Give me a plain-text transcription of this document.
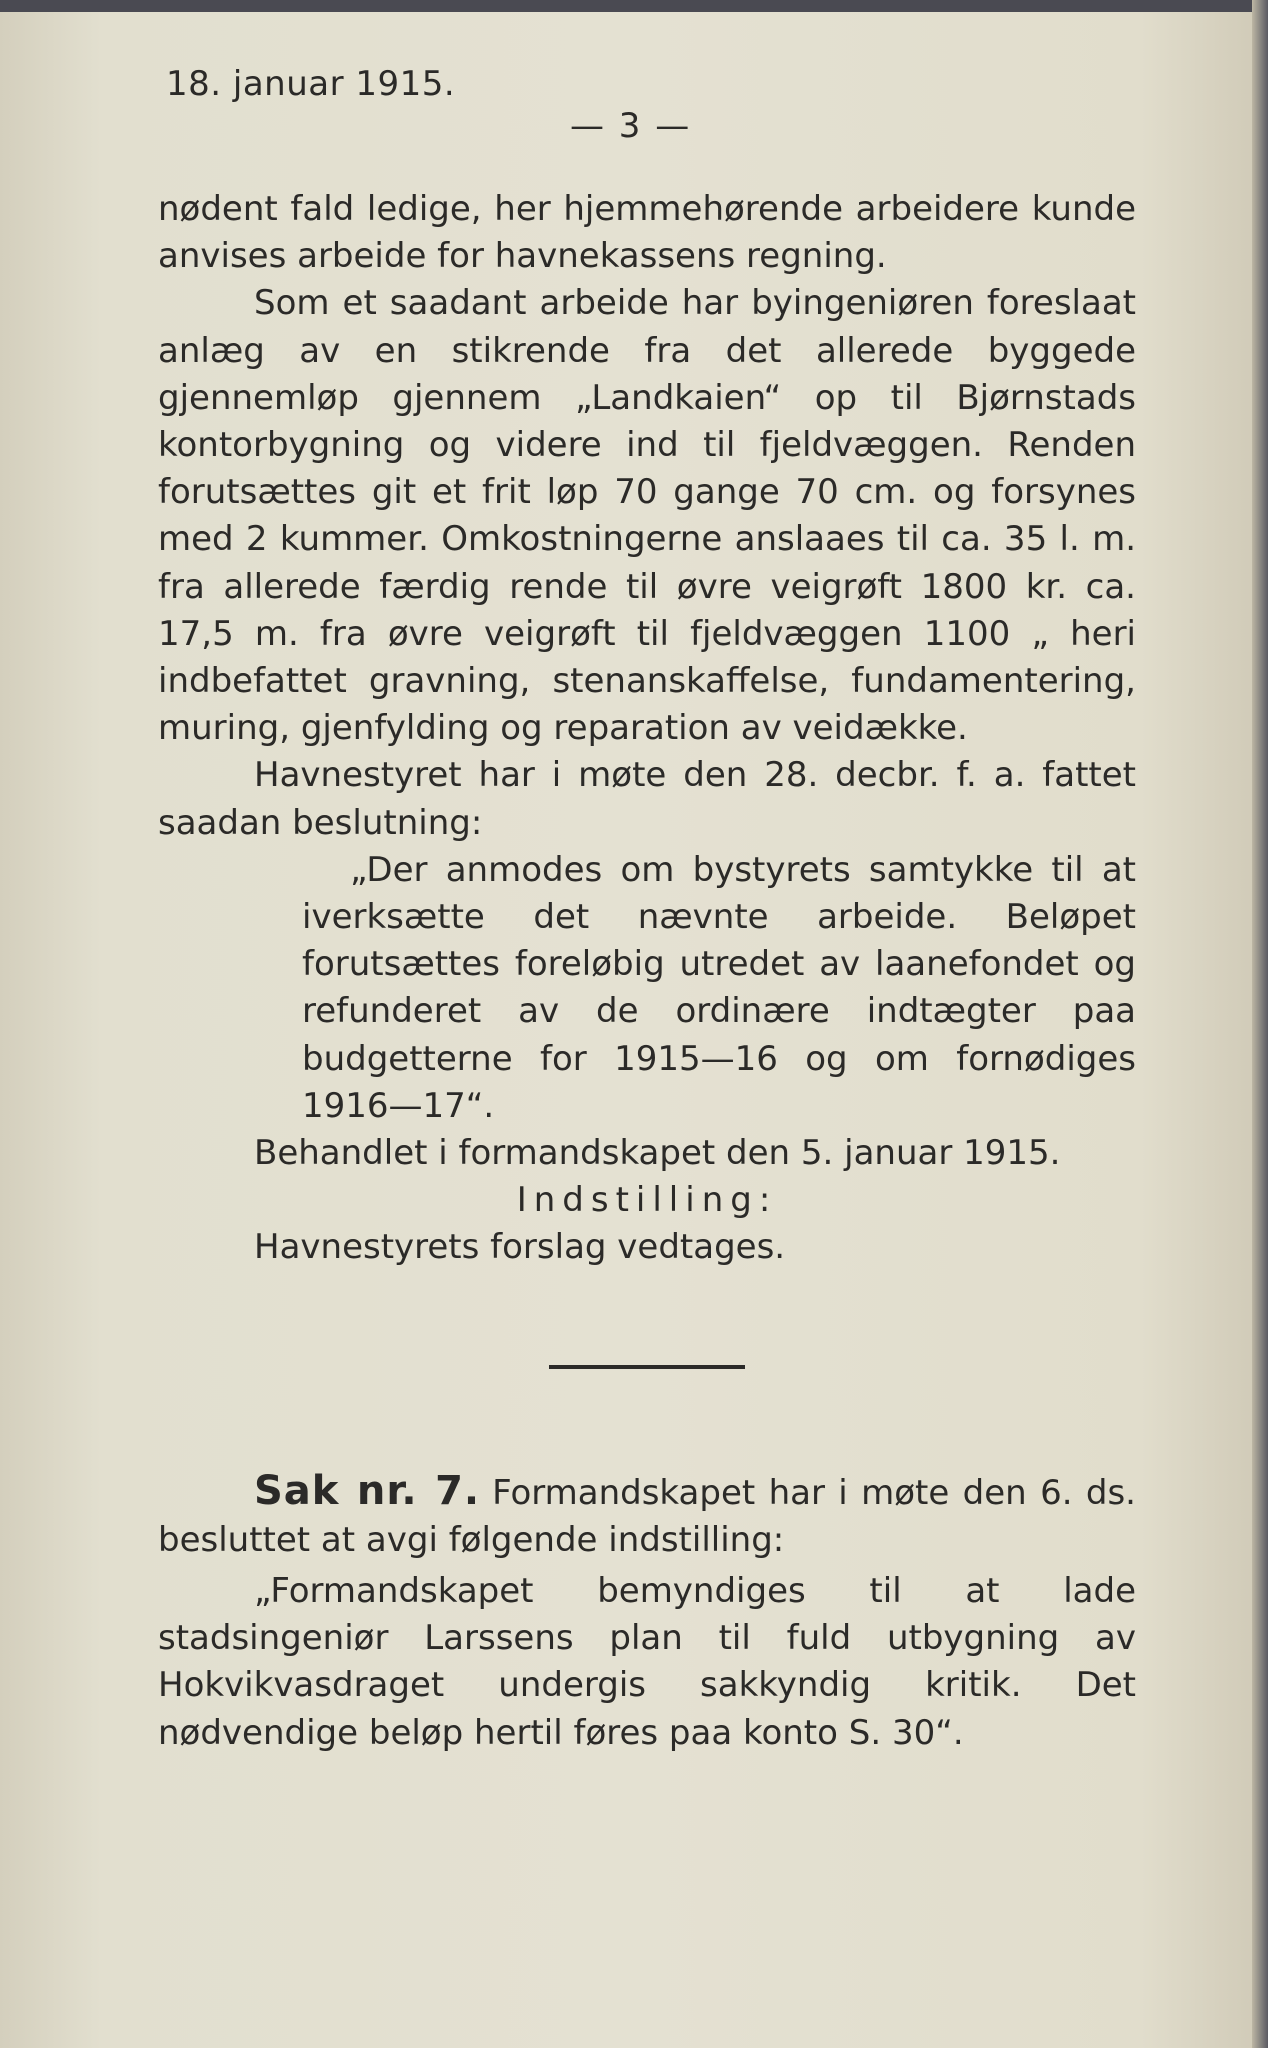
18. januar 1915.
— 3 —

nødent fald ledige, her hjemmehørende arbeidere kunde anvises arbeide for havnekassens regning.

Som et saadant arbeide har byingeniøren foreslaat anlæg av en stikrende fra det allerede byggede gjennemløp gjennem „Landkaien“ op til Bjørnstads kontorbygning og videre ind til fjeldvæggen. Renden forutsættes git et frit løp 70 gange 70 cm. og forsynes med 2 kummer. Omkostningerne anslaaes til ca. 35 l. m. fra allerede færdig rende til øvre veigrøft 1800 kr. ca. 17,5 m. fra øvre veigrøft til fjeldvæggen 1100 „ heri indbefattet gravning, stenanskaffelse, fundamentering, muring, gjenfylding og reparation av veidække.

Havnestyret har i møte den 28. decbr. f. a. fattet saadan beslutning:

„Der anmodes om bystyrets samtykke til at iverksætte det nævnte arbeide. Beløpet forutsættes foreløbig utredet av laanefondet og refunderet av de ordinære indtægter paa budgetterne for 1915—16 og om fornødiges 1916—17“.

Behandlet i formandskapet den 5. januar 1915.

Indstilling:

Havnestyrets forslag vedtages.

Sak nr. 7. Formandskapet har i møte den 6. ds. besluttet at avgi følgende indstilling:

„Formandskapet bemyndiges til at lade stadsingeniør Larssens plan til fuld utbygning av Hokvikvasdraget undergis sakkyndig kritik. Det nødvendige beløp hertil føres paa konto S. 30“.
